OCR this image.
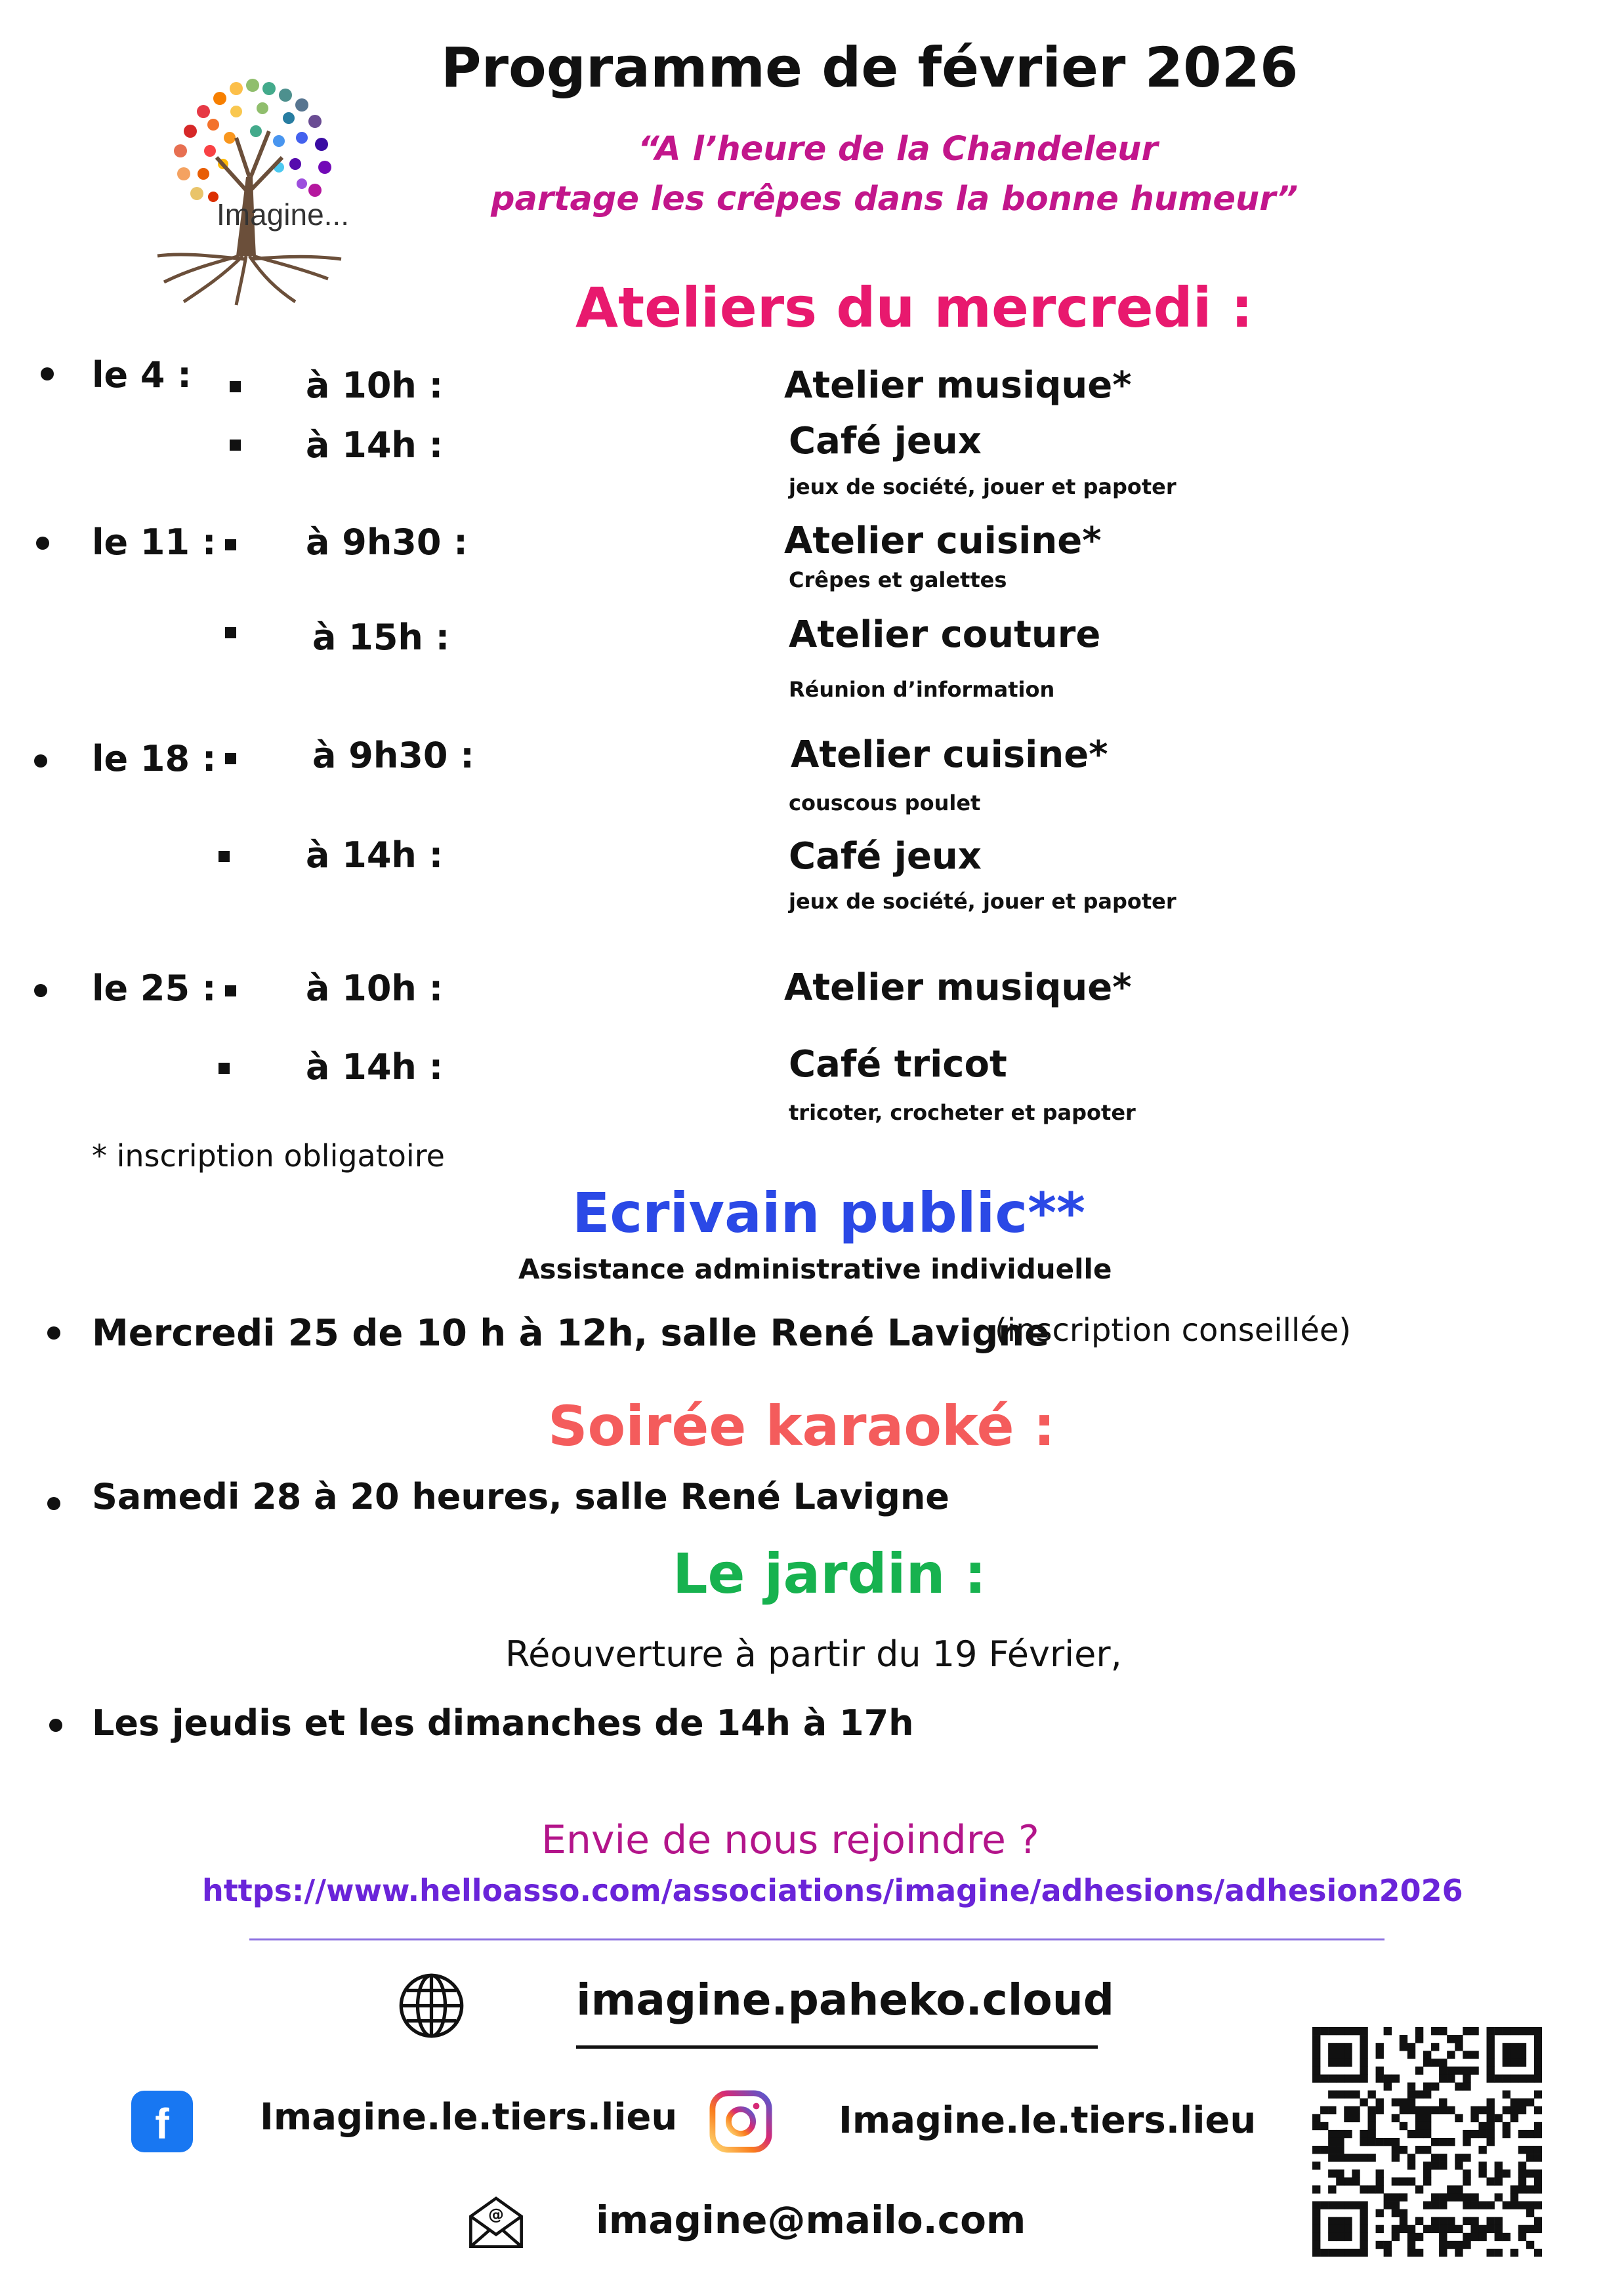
Imagine...
Programme de février 2026
“A l’heure de la Chandeleur
partage les crêpes dans la bonne humeur”
Ateliers du mercredi :
le 4 :	à 10h :	Atelier musique*
à 14h :	Café jeux
jeux de société, jouer et papoter
le 11 :	à 9h30 :	Atelier cuisine*
Crêpes et galettes
à 15h :	Atelier couture
Réunion d’information
le 18 :	à 9h30 :	Atelier cuisine*
couscous poulet
à 14h :	Café jeux
jeux de société, jouer et papoter
le 25 :	à 10h :	Atelier musique*
à 14h :	Café tricot
tricoter, crocheter et papoter
* inscription obligatoire
Ecrivain public**
Assistance administrative individuelle
Mercredi 25 de 10 h à 12h, salle René Lavigne
(inscription conseillée)
Soirée karaoké :
Samedi 28 à 20 heures, salle René Lavigne
Le jardin :
Réouverture à partir du 19 Février,
Les jeudis et les dimanches de 14h à 17h
Envie de nous rejoindre ?
https://www.helloasso.com/associations/imagine/adhesions/adhesion2026
imagine.paheko.cloud
f Imagine.le.tiers.lieu	Imagine.le.tiers.lieu
@ imagine@mailo.com
